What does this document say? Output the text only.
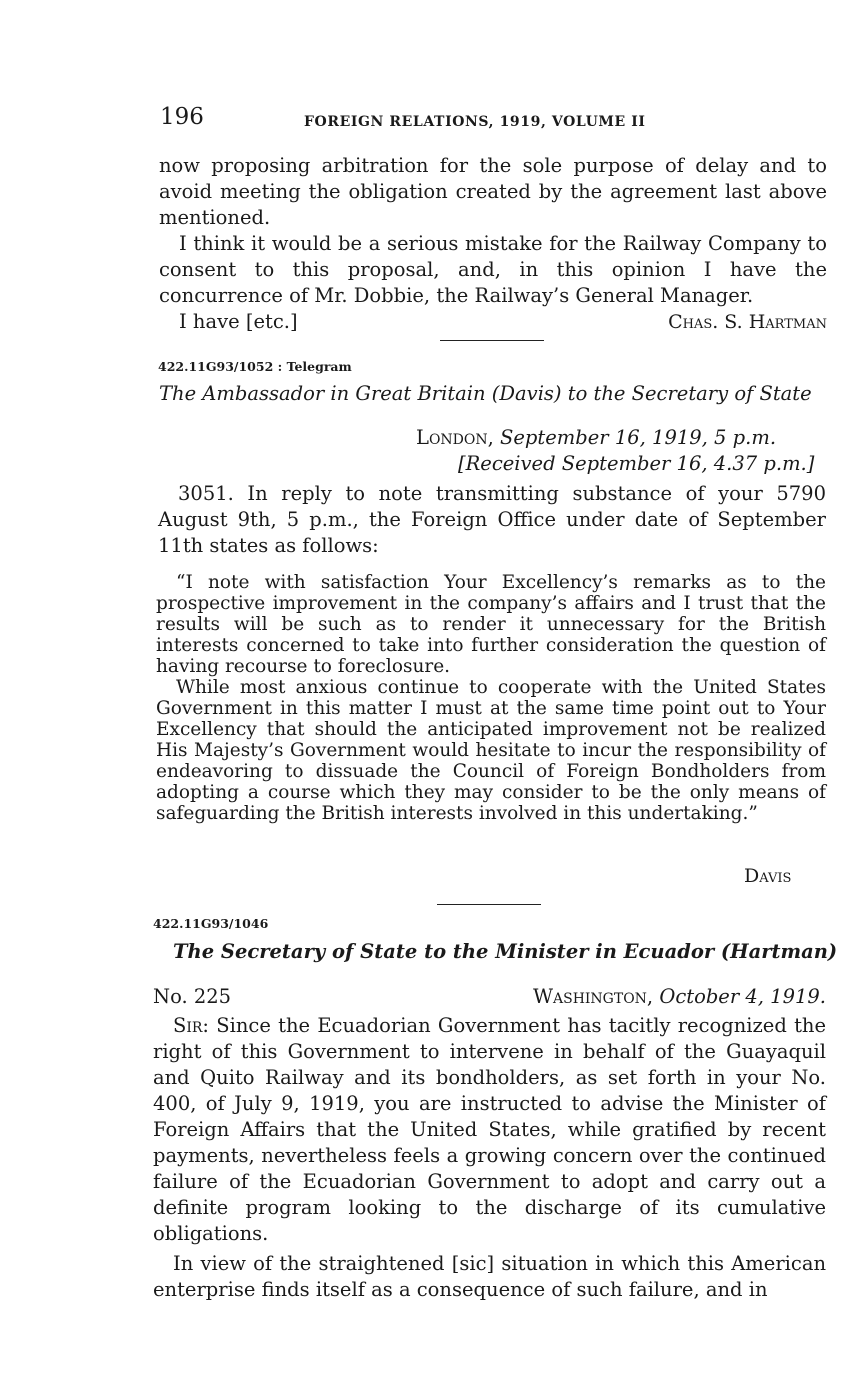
196	FOREIGN RELATIONS, 1919, VOLUME II

now proposing arbitration for the sole purpose of delay and to avoid meeting the obligation created by the agreement last above mentioned.

I think it would be a serious mistake for the Railway Company to consent to this proposal, and, in this opinion I have the concurrence of Mr. Dobbie, the Railway’s General Manager.

I have [etc.]	Chas. S. Hartman
422.11G93/1052 : Telegram
The Ambassador in Great Britain (Davis) to the Secretary of State
London, September 16, 1919, 5 p.m.
[Received September 16, 4.37 p.m.]

3051. In reply to note transmitting substance of your 5790 August 9th, 5 p.m., the Foreign Office under date of September 11th states as follows:

“I note with satisfaction Your Excellency’s remarks as to the prospective improvement in the company’s affairs and I trust that the results will be such as to render it unnecessary for the British interests concerned to take into further consideration the question of having recourse to foreclosure.

While most anxious continue to cooperate with the United States Government in this matter I must at the same time point out to Your Excellency that should the anticipated improvement not be realized His Majesty’s Government would hesitate to incur the responsibility of endeavoring to dissuade the Council of Foreign Bondholders from adopting a course which they may consider to be the only means of safeguarding the British interests involved in this undertaking.”

Davis
422.11G93/1046
The Secretary of State to the Minister in Ecuador (Hartman)
No. 225	Washington, October 4, 1919.

Sir: Since the Ecuadorian Government has tacitly recognized the right of this Government to intervene in behalf of the Guayaquil and Quito Railway and its bondholders, as set forth in your No. 400, of July 9, 1919, you are instructed to advise the Minister of Foreign Affairs that the United States, while gratified by recent payments, nevertheless feels a growing concern over the continued failure of the Ecuadorian Government to adopt and carry out a definite program looking to the discharge of its cumulative obligations.

In view of the straightened [sic] situation in which this American enterprise finds itself as a consequence of such failure, and in
